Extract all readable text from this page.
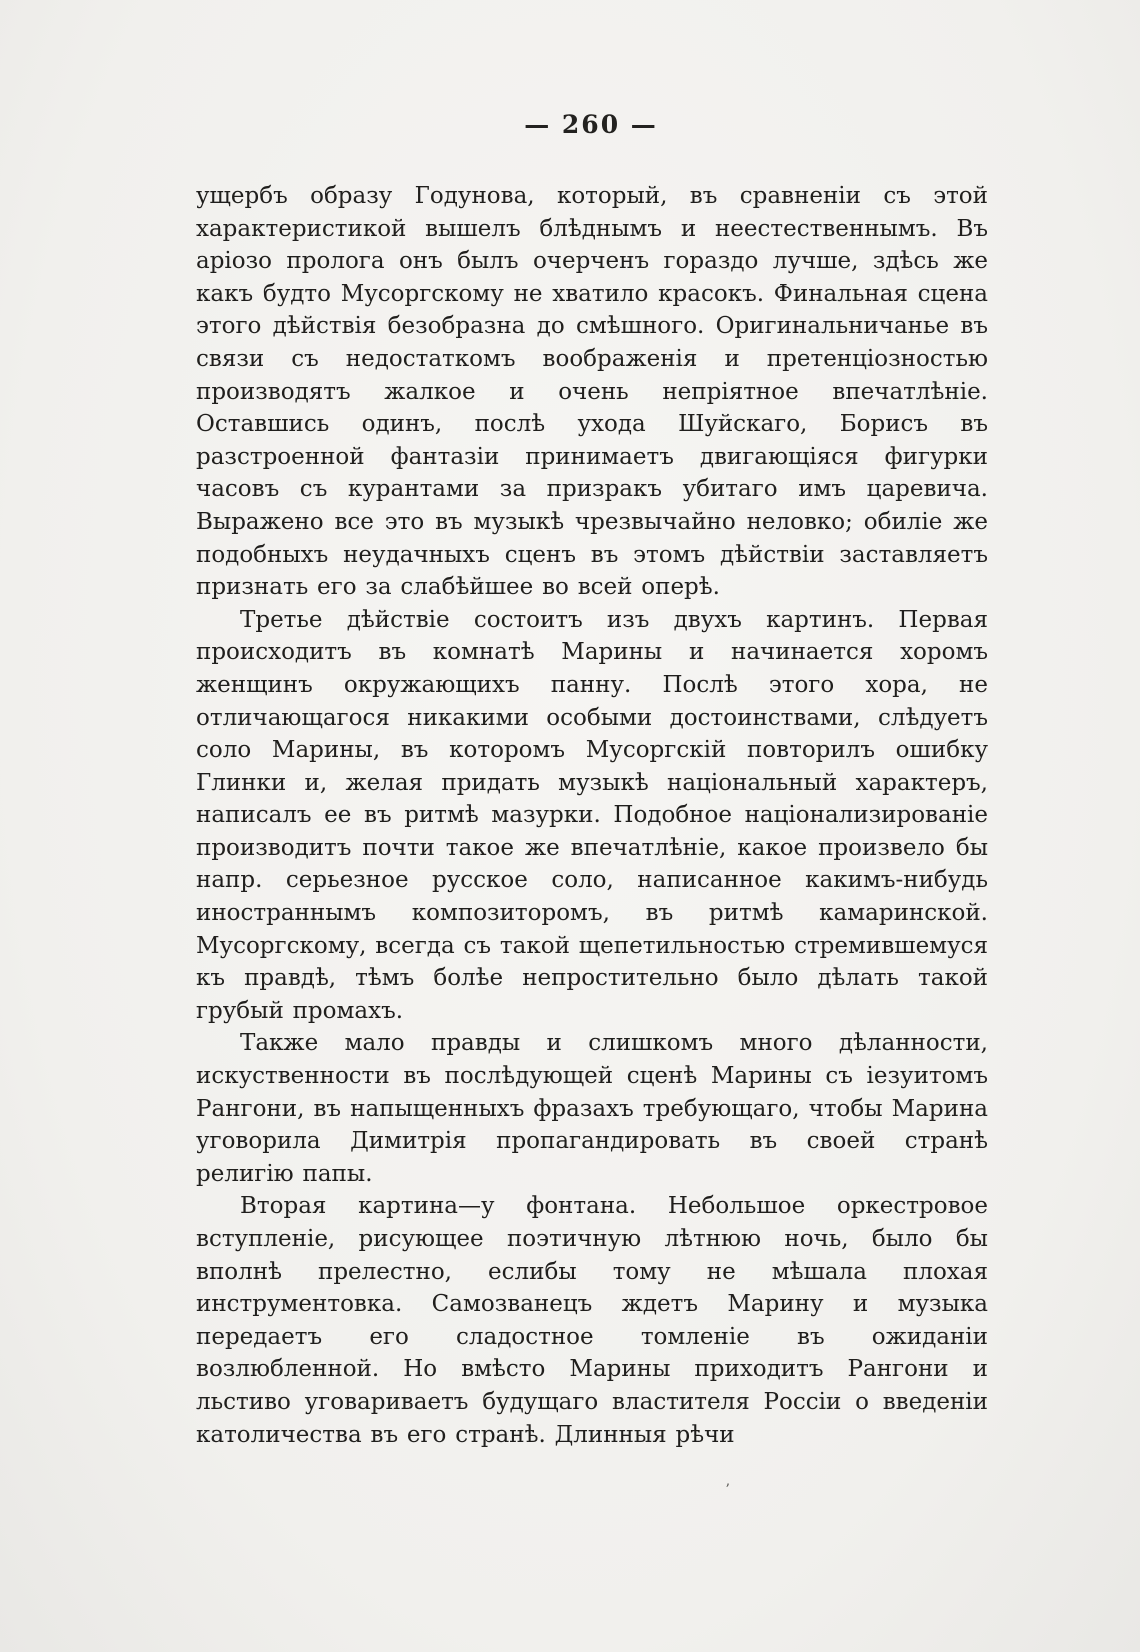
— 260 —

ущербъ образу Годунова, который, въ сравненіи съ этой характеристикой вышелъ блѣднымъ и неестественнымъ. Въ аріозо пролога онъ былъ очерченъ гораздо лучше, здѣсь же какъ будто Мусоргскому не хватило красокъ. Финальная сцена этого дѣйствія безобразна до смѣшного. Оригинальничанье въ связи съ недостаткомъ воображенія и претенціозностью производятъ жалкое и очень непріятное впечатлѣніе. Оставшись одинъ, послѣ ухода Шуйскаго, Борисъ въ разстроенной фантазіи принимаетъ двигающіяся фигурки часовъ съ курантами за призракъ убитаго имъ царевича. Выражено все это въ музыкѣ чрезвычайно неловко; обиліе же подобныхъ неудачныхъ сценъ въ этомъ дѣйствіи заставляетъ признать его за слабѣйшее во всей оперѣ.

Третье дѣйствіе состоитъ изъ двухъ картинъ. Первая происходитъ въ комнатѣ Марины и начинается хоромъ женщинъ окружающихъ панну. Послѣ этого хора, не отличающагося никакими особыми достоинствами, слѣдуетъ соло Марины, въ которомъ Мусоргскій повторилъ ошибку Глинки и, желая придать музыкѣ національный характеръ, написалъ ее въ ритмѣ мазурки. Подобное націонализированіе производитъ почти такое же впечатлѣніе, какое произвело бы напр. серьезное русское соло, написанное какимъ-нибудь иностраннымъ композиторомъ, въ ритмѣ камаринской. Мусоргскому, всегда съ такой щепетильностью стремившемуся къ правдѣ, тѣмъ болѣе непростительно было дѣлать такой грубый промахъ.

Также мало правды и слишкомъ много дѣланности, искуственности въ послѣдующей сценѣ Марины съ іезуитомъ Рангони, въ напыщенныхъ фразахъ требующаго, чтобы Марина уговорила Димитрія пропагандировать въ своей странѣ религію папы.

Вторая картина—у фонтана. Небольшое оркестровое вступленіе, рисующее поэтичную лѣтнюю ночь, было бы вполнѣ прелестно, еслибы тому не мѣшала плохая инструментовка. Самозванецъ ждетъ Марину и музыка передаетъ его сладостное томленіе въ ожиданіи возлюбленной. Но вмѣсто Марины приходитъ Рангони и льстиво уговариваетъ будущаго властителя Россіи о введеніи католичества въ его странѣ. Длинныя рѣчи

ʼ
